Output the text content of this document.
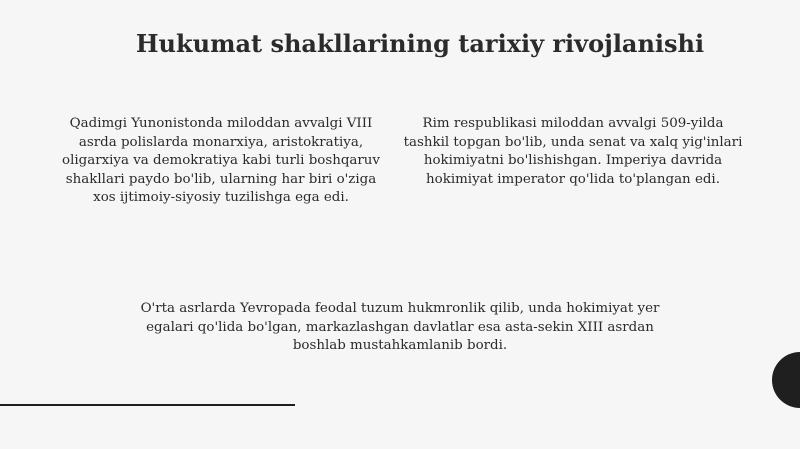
Hukumat shakllarining tarixiy rivojlanishi

Qadimgi Yunonistonda miloddan avvalgi VIII asrda polislarda monarxiya, aristokratiya, oligarxiya va demokratiya kabi turli boshqaruv shakllari paydo bo'lib, ularning har biri o'ziga xos ijtimoiy-siyosiy tuzilishga ega edi.

Rim respublikasi miloddan avvalgi 509-yilda tashkil topgan bo'lib, unda senat va xalq yig'inlari hokimiyatni bo'lishishgan. Imperiya davrida hokimiyat imperator qo'lida to'plangan edi.

O'rta asrlarda Yevropada feodal tuzum hukmronlik qilib, unda hokimiyat yer egalari qo'lida bo'lgan, markazlashgan davlatlar esa asta-sekin XIII asrdan boshlab mustahkamlanib bordi.
